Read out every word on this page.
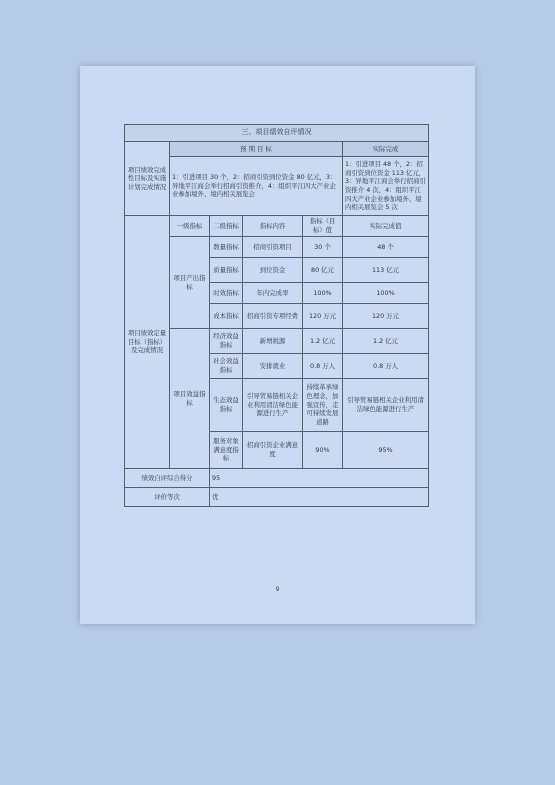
三、项目绩效自评情况					
项目绩效完成性目标及实施计划完成情况	预 期 目 标				实际完成
	1：引进项目 30 个，2：招商引资到位资金 80 亿元，3：异地平江商会举行招商引资推介，4：组织平江四大产业企业参加境外、境内相关展览会				1：引进项目 48 个，2：招商引资到位资金 113 亿元，3：异地平江商会举行招商引资推介 4 次，4：组织平江四大产业企业参加境外、境内相关展览会 5 次
项目绩效定量目标（指标）及完成情况	一级指标	二级指标	指标内容	指标（目标）值	实际完成值
	项目产出指标	数量指标	招商引资项目	30 个	48 个
		质量指标	到位资金	80 亿元	113 亿元
		时效指标	年内完成率	100%	100%
		成本指标	招商引资专项经费	120 万元	120 万元
	项目效益指标	经济效益指标	新增税源	1.2 亿元	1.2 亿元
		社会效益指标	安排就业	0.8 万人	0.8 万人
		生态效益指标	引导贸易链相关企业利用清洁绿色能源进行生产	持续革承绿色理念，加强宣传，走可持续发展道路	引导贸易链相关企业利用清洁绿色能源进行生产
		服务对象满意度指标	招商引资企业满意度	90%	95%
绩效自评综合得分		95			
评价等次		优			
9
